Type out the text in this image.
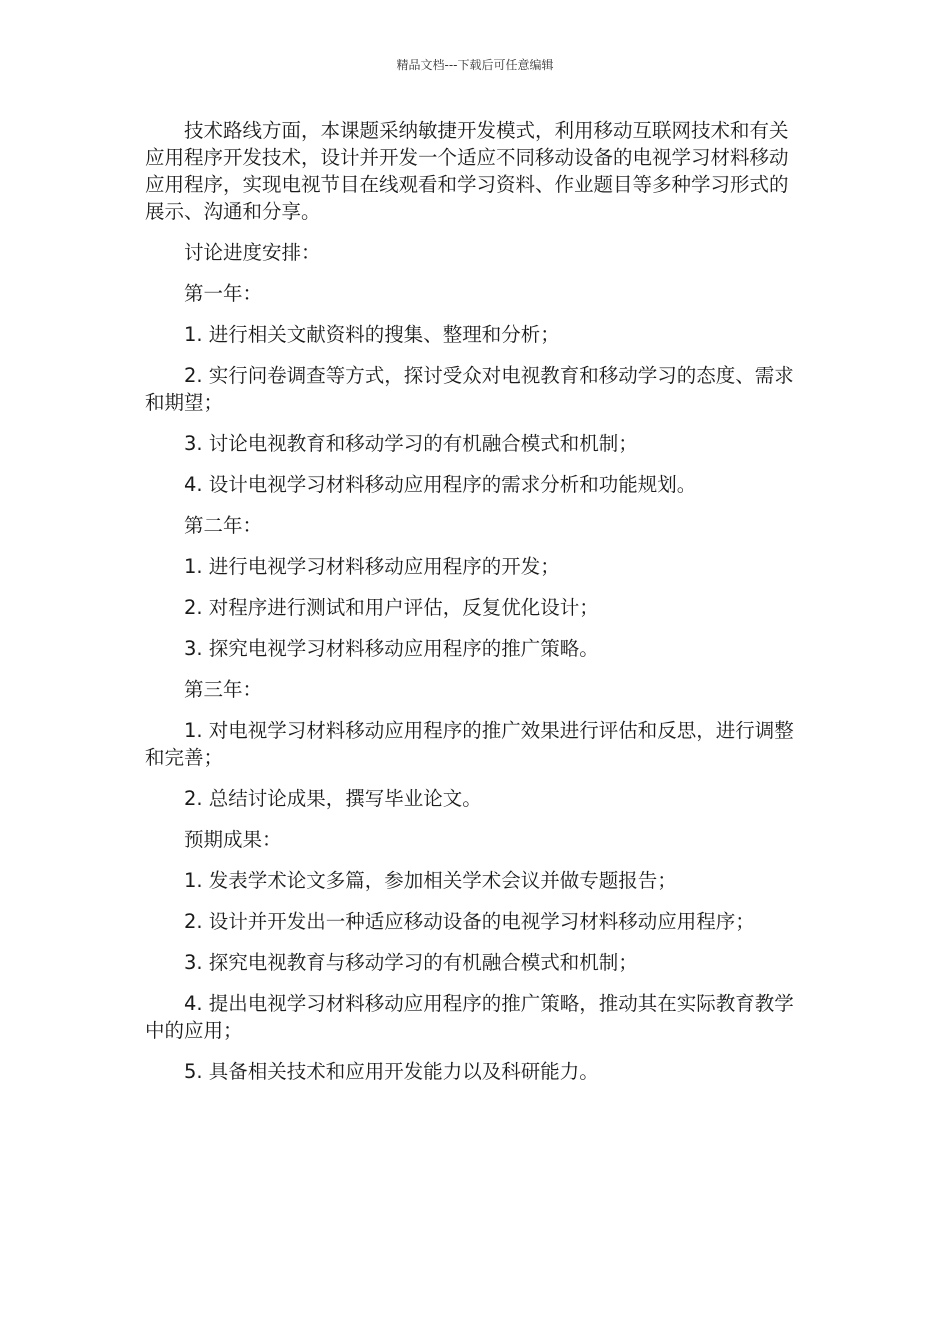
精品文档---下载后可任意编辑

技术路线方面，本课题采纳敏捷开发模式，利用移动互联网技术和有关应用程序开发技术，设计并开发一个适应不同移动设备的电视学习材料移动应用程序，实现电视节目在线观看和学习资料、作业题目等多种学习形式的展示、沟通和分享。

讨论进度安排：

第一年：

1. 进行相关文献资料的搜集、整理和分析；

2. 实行问卷调查等方式，探讨受众对电视教育和移动学习的态度、需求和期望；

3. 讨论电视教育和移动学习的有机融合模式和机制；

4. 设计电视学习材料移动应用程序的需求分析和功能规划。

第二年：

1. 进行电视学习材料移动应用程序的开发；

2. 对程序进行测试和用户评估，反复优化设计；

3. 探究电视学习材料移动应用程序的推广策略。

第三年：

1. 对电视学习材料移动应用程序的推广效果进行评估和反思，进行调整和完善；

2. 总结讨论成果，撰写毕业论文。

预期成果：

1. 发表学术论文多篇，参加相关学术会议并做专题报告；

2. 设计并开发出一种适应移动设备的电视学习材料移动应用程序；

3. 探究电视教育与移动学习的有机融合模式和机制；

4. 提出电视学习材料移动应用程序的推广策略，推动其在实际教育教学中的应用；

5. 具备相关技术和应用开发能力以及科研能力。
